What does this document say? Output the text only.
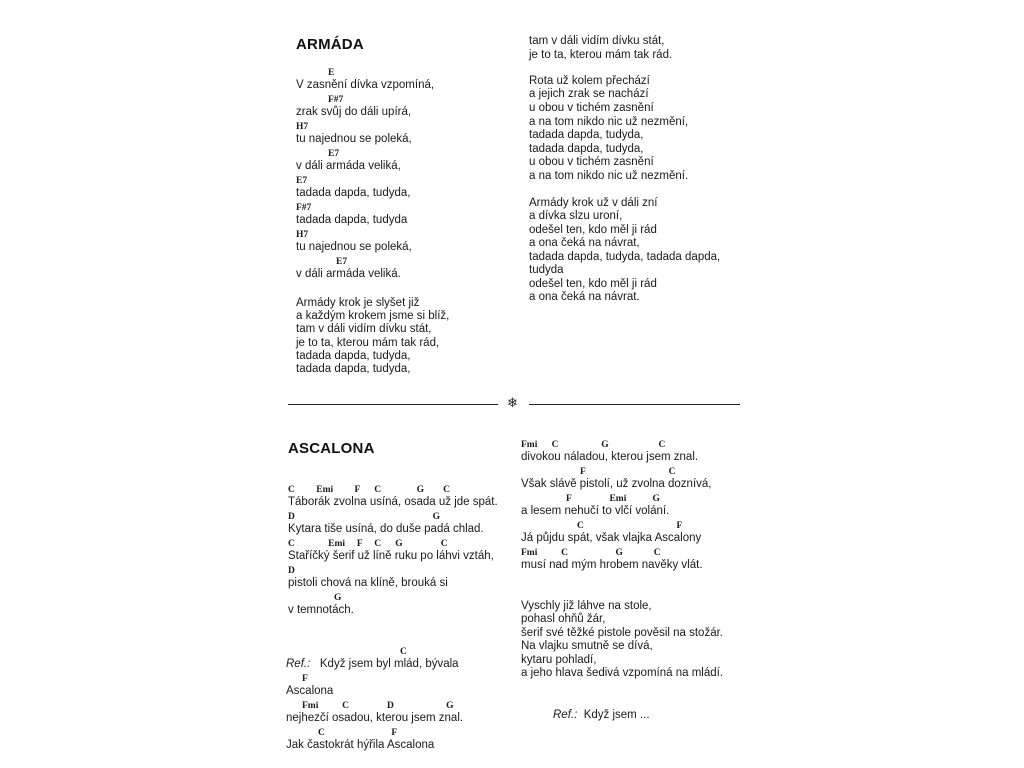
ARMÁDA
E
V zasnění dívka vzpomíná,
F#7
zrak svůj do dáli upírá,
H7
tu najednou se poleká,
E7
v dáli armáda veliká,
E7
tadada dapda, tudyda,
F#7
tadada dapda, tudyda
H7
tu najednou se poleká,
E7
v dáli armáda veliká.
Armády krok je slyšet již
a každým krokem jsme si blíž,
tam v dáli vidím dívku stát,
je to ta, kterou mám tak rád,
tadada dapda, tudyda,
tadada dapda, tudyda,
tam v dáli vidím dívku stát,
je to ta, kterou mám tak rád.
Rota už kolem přechází
a jejich zrak se nachází
u obou v tichém zasnění
a na tom nikdo nic už nezmění,
tadada dapda, tudyda,
tadada dapda, tudyda,
u obou v tichém zasnění
a na tom nikdo nic už nezmění.
Armády krok už v dáli zní
a dívka slzu uroní,
odešel ten, kdo měl ji rád
a ona čeká na návrat,
tadada dapda, tudyda, tadada dapda,
tudyda
odešel ten, kdo měl ji rád
a ona čeká na návrat.
❄
ASCALONA
C         Emi         F      C               G        C
Táborák zvolna usíná, osada už jde spát.
D                                                          G
Kytara tiše usíná, do duše padá chlad.
C              Emi     F     C      G                C
Staříčký šerif už líně ruku po láhvi vztáh,
D
pistoli chová na klíně, brouká si
G
v temnotách.
C
Ref.: Když jsem byl mlád, bývala
F
Ascalona
Fmi          C                D                      G
nejhezčí osadou, kterou jsem znal.
C                            F
Jak častokrát hýřila Ascalona
Fmi      C                  G                     C
divokou náladou, kterou jsem znal.
F                                   C
Však slávě pistolí, už zvolna doznívá,
F                Emi           G
a lesem nehučí to vlčí volání.
C                                       F
Já půjdu spát, však vlajka Ascalony
Fmi          C                    G             C
musí nad mým hrobem navěky vlát.
Vyschly již láhve na stole,
pohasl ohňů žár,
šerif své těžké pistole pověsil na stožár.
Na vlajku smutně se dívá,
kytaru pohladí,
a jeho hlava šedivá vzpomíná na mládí.
Ref.: Když jsem ...
